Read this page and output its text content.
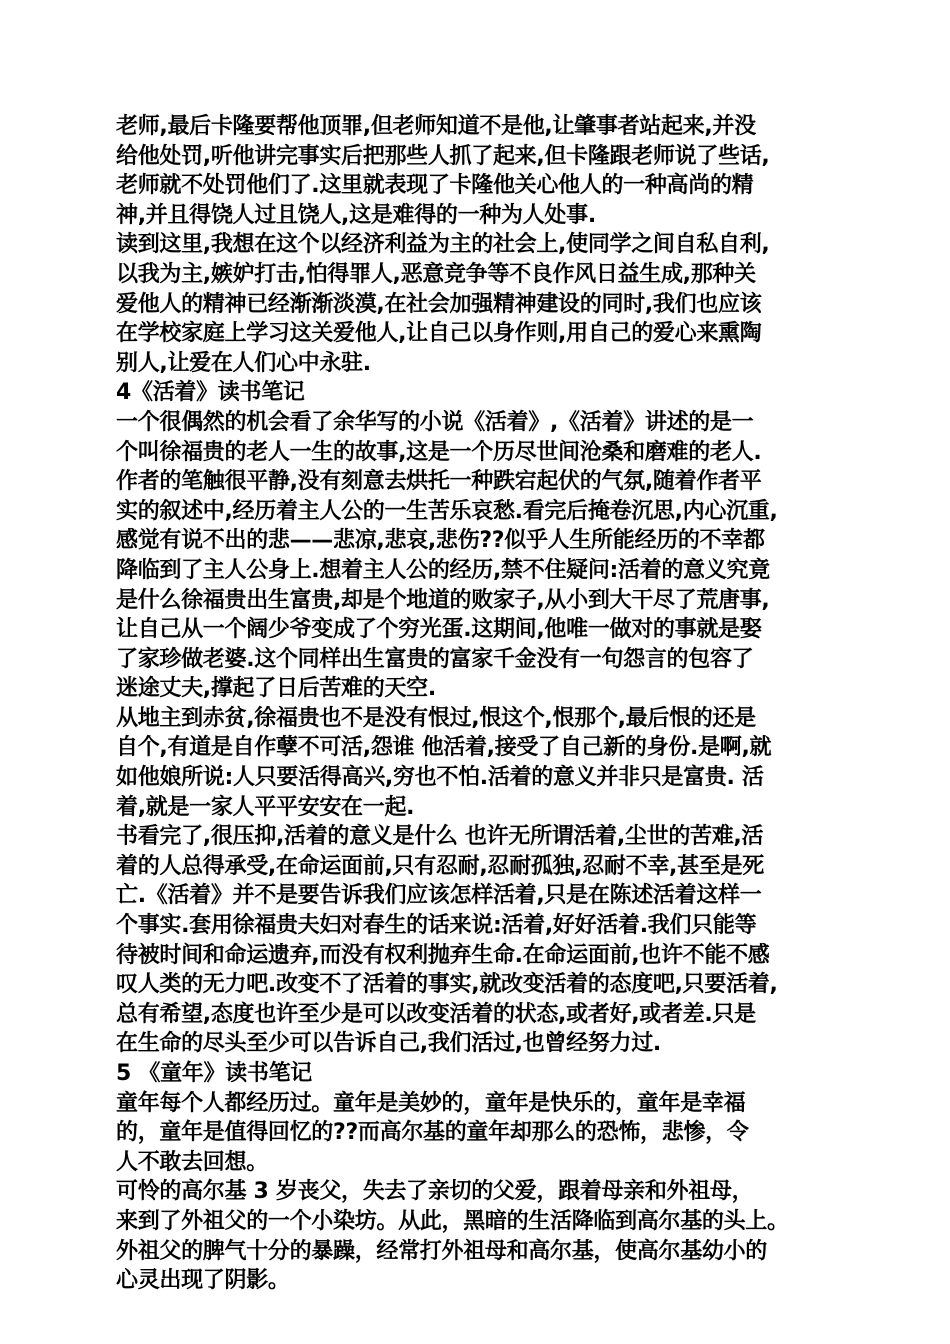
老师,最后卡隆要帮他顶罪,但老师知道不是他,让肇事者站起来,并没
给他处罚,听他讲完事实后把那些人抓了起来,但卡隆跟老师说了些话,
老师就不处罚他们了.这里就表现了卡隆他关心他人的一种高尚的精
神,并且得饶人过且饶人,这是难得的一种为人处事.
读到这里,我想在这个以经济利益为主的社会上,使同学之间自私自利,
以我为主,嫉妒打击,怕得罪人,恶意竞争等不良作风日益生成,那种关
爱他人的精神已经渐渐淡漠,在社会加强精神建设的同时,我们也应该
在学校家庭上学习这关爱他人,让自己以身作则,用自己的爱心来熏陶
别人,让爱在人们心中永驻.
4《活着》读书笔记
一个很偶然的机会看了余华写的小说《活着》,《活着》讲述的是一
个叫徐福贵的老人一生的故事,这是一个历尽世间沧桑和磨难的老人.
作者的笔触很平静,没有刻意去烘托一种跌宕起伏的气氛,随着作者平
实的叙述中,经历着主人公的一生苦乐哀愁.看完后掩卷沉思,内心沉重,
感觉有说不出的悲——悲凉,悲哀,悲伤??似乎人生所能经历的不幸都
降临到了主人公身上.想着主人公的经历,禁不住疑问:活着的意义究竟
是什么徐福贵出生富贵,却是个地道的败家子,从小到大干尽了荒唐事,
让自己从一个阔少爷变成了个穷光蛋.这期间,他唯一做对的事就是娶
了家珍做老婆.这个同样出生富贵的富家千金没有一句怨言的包容了
迷途丈夫,撑起了日后苦难的天空.
从地主到赤贫,徐福贵也不是没有恨过,恨这个,恨那个,最后恨的还是
自个,有道是自作孽不可活,怨谁 他活着,接受了自己新的身份.是啊,就
如他娘所说:人只要活得高兴,穷也不怕.活着的意义并非只是富贵. 活
着,就是一家人平平安安在一起.
书看完了,很压抑,活着的意义是什么 也许无所谓活着,尘世的苦难,活
着的人总得承受,在命运面前,只有忍耐,忍耐孤独,忍耐不幸,甚至是死
亡.《活着》并不是要告诉我们应该怎样活着,只是在陈述活着这样一
个事实.套用徐福贵夫妇对春生的话来说:活着,好好活着.我们只能等
待被时间和命运遗弃,而没有权利抛弃生命.在命运面前,也许不能不感
叹人类的无力吧.改变不了活着的事实,就改变活着的态度吧,只要活着,
总有希望,态度也许至少是可以改变活着的状态,或者好,或者差.只是
在生命的尽头至少可以告诉自己,我们活过,也曾经努力过.
5 《童年》读书笔记
童年每个人都经历过。童年是美妙的，童年是快乐的，童年是幸福
的，童年是值得回忆的??而高尔基的童年却那么的恐怖，悲惨，令
人不敢去回想。
可怜的高尔基 3 岁丧父，失去了亲切的父爱，跟着母亲和外祖母，
来到了外祖父的一个小染坊。从此，黑暗的生活降临到高尔基的头上。
外祖父的脾气十分的暴躁，经常打外祖母和高尔基，使高尔基幼小的
心灵出现了阴影。
